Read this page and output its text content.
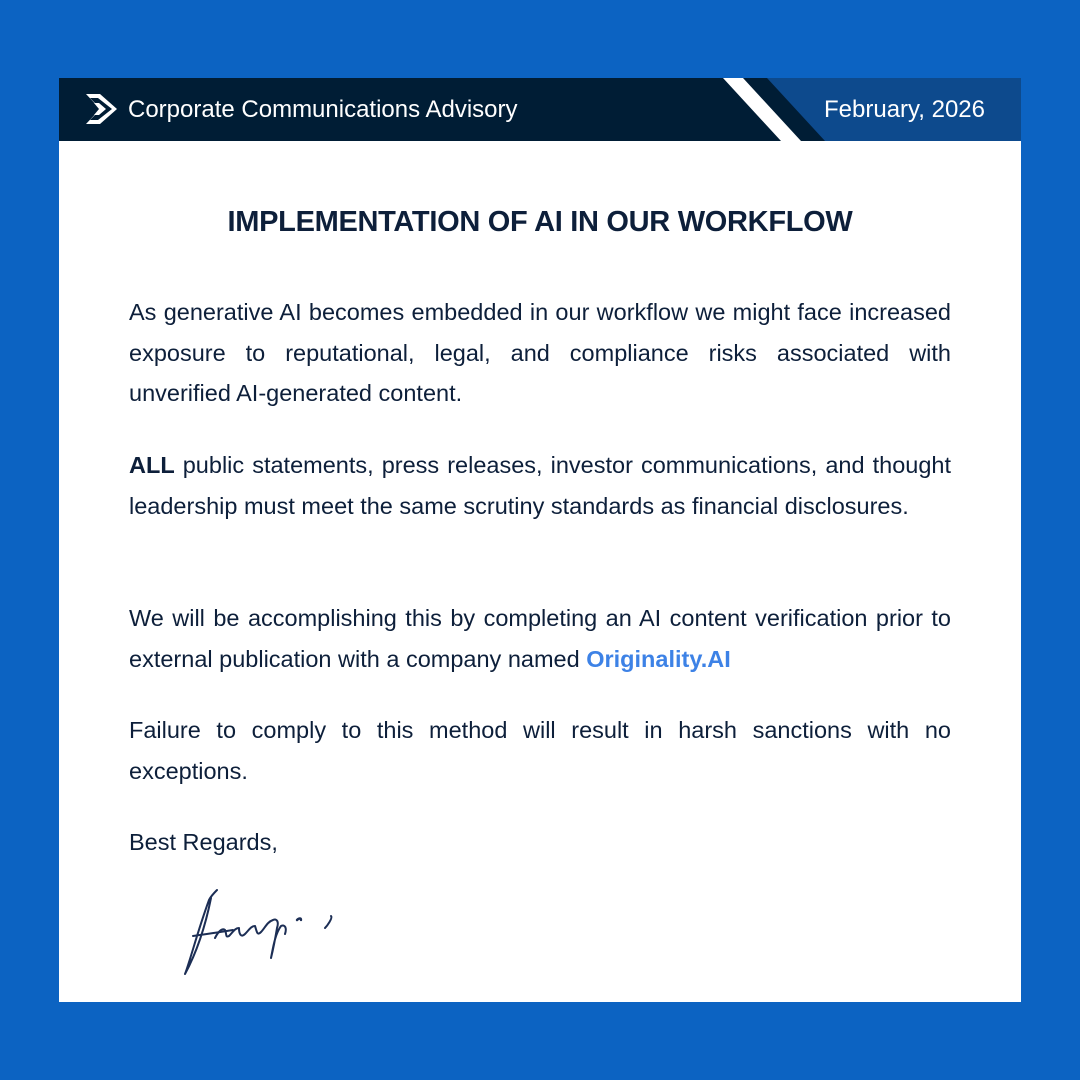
Corporate Communications Advisory	February, 2026
IMPLEMENTATION OF AI IN OUR WORKFLOW

As generative AI becomes embedded in our workflow we might face increased exposure to reputational, legal, and compliance risks associated with unverified AI-generated content.

ALL public statements, press releases, investor communications, and thought leadership must meet the same scrutiny standards as financial disclosures.

We will be accomplishing this by completing an AI content verification prior to external publication with a company named Originality.AI

Failure to comply to this method will result in harsh sanctions with no exceptions.

Best Regards,
